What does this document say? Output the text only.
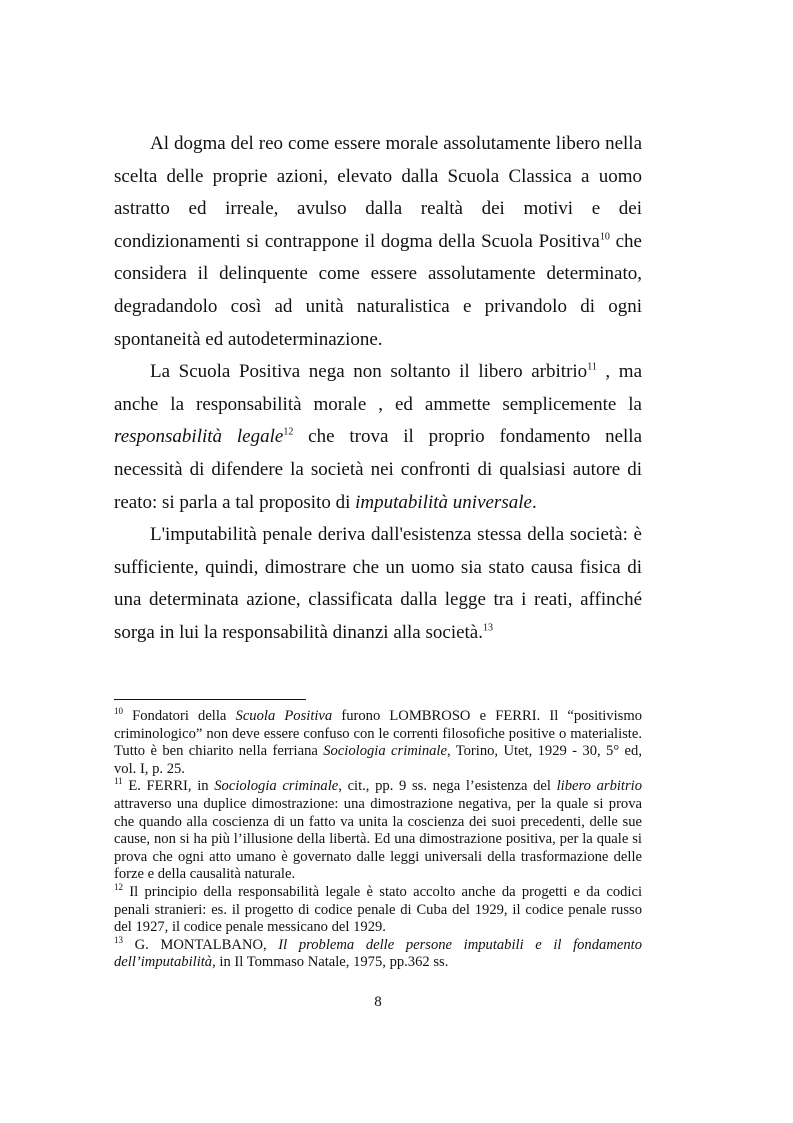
Al dogma del reo come essere morale assolutamente libero nella scelta delle proprie azioni, elevato dalla Scuola Classica a uomo astratto ed irreale, avulso dalla realtà dei motivi e dei condizionamenti si contrappone il dogma della Scuola Positiva$^{10}$ che considera il delinquente come essere assolutamente determinato, degradandolo così ad unità naturalistica e privandolo di ogni spontaneità ed autodeterminazione.

La Scuola Positiva nega non soltanto il libero arbitrio$^{11}$ , ma anche la responsabilità morale , ed ammette semplicemente la responsabilità legale$^{12}$ che trova il proprio fondamento nella necessità di difendere la società nei confronti di qualsiasi autore di reato: si parla a tal proposito di imputabilità universale.

L'imputabilità penale deriva dall'esistenza stessa della società: è sufficiente, quindi, dimostrare che un uomo sia stato causa fisica di una determinata azione, classificata dalla legge tra i reati, affinché sorga in lui la responsabilità dinanzi alla società.$^{13}$

$^{10}$ Fondatori della Scuola Positiva furono LOMBROSO e FERRI. Il “positivismo criminologico” non deve essere confuso con le correnti filosofiche positive o materialiste. Tutto è ben chiarito nella ferriana Sociologia criminale, Torino, Utet, 1929 - 30, 5° ed, vol. I, p. 25.

$^{11}$ E. FERRI, in Sociologia criminale, cit., pp. 9 ss. nega l’esistenza del libero arbitrio attraverso una duplice dimostrazione: una dimostrazione negativa, per la quale si prova che quando alla coscienza di un fatto va unita la coscienza dei suoi precedenti, delle sue cause, non si ha più l’illusione della libertà. Ed una dimostrazione positiva, per la quale si prova che ogni atto umano è governato dalle leggi universali della trasformazione delle forze e della causalità naturale.

$^{12}$ Il principio della responsabilità legale è stato accolto anche da progetti e da codici penali stranieri: es. il progetto di codice penale di Cuba del 1929, il codice penale russo del 1927, il codice penale messicano del 1929.

$^{13}$ G. MONTALBANO, Il problema delle persone imputabili e il fondamento dell’imputabilità, in Il Tommaso Natale, 1975, pp.362 ss.

8
